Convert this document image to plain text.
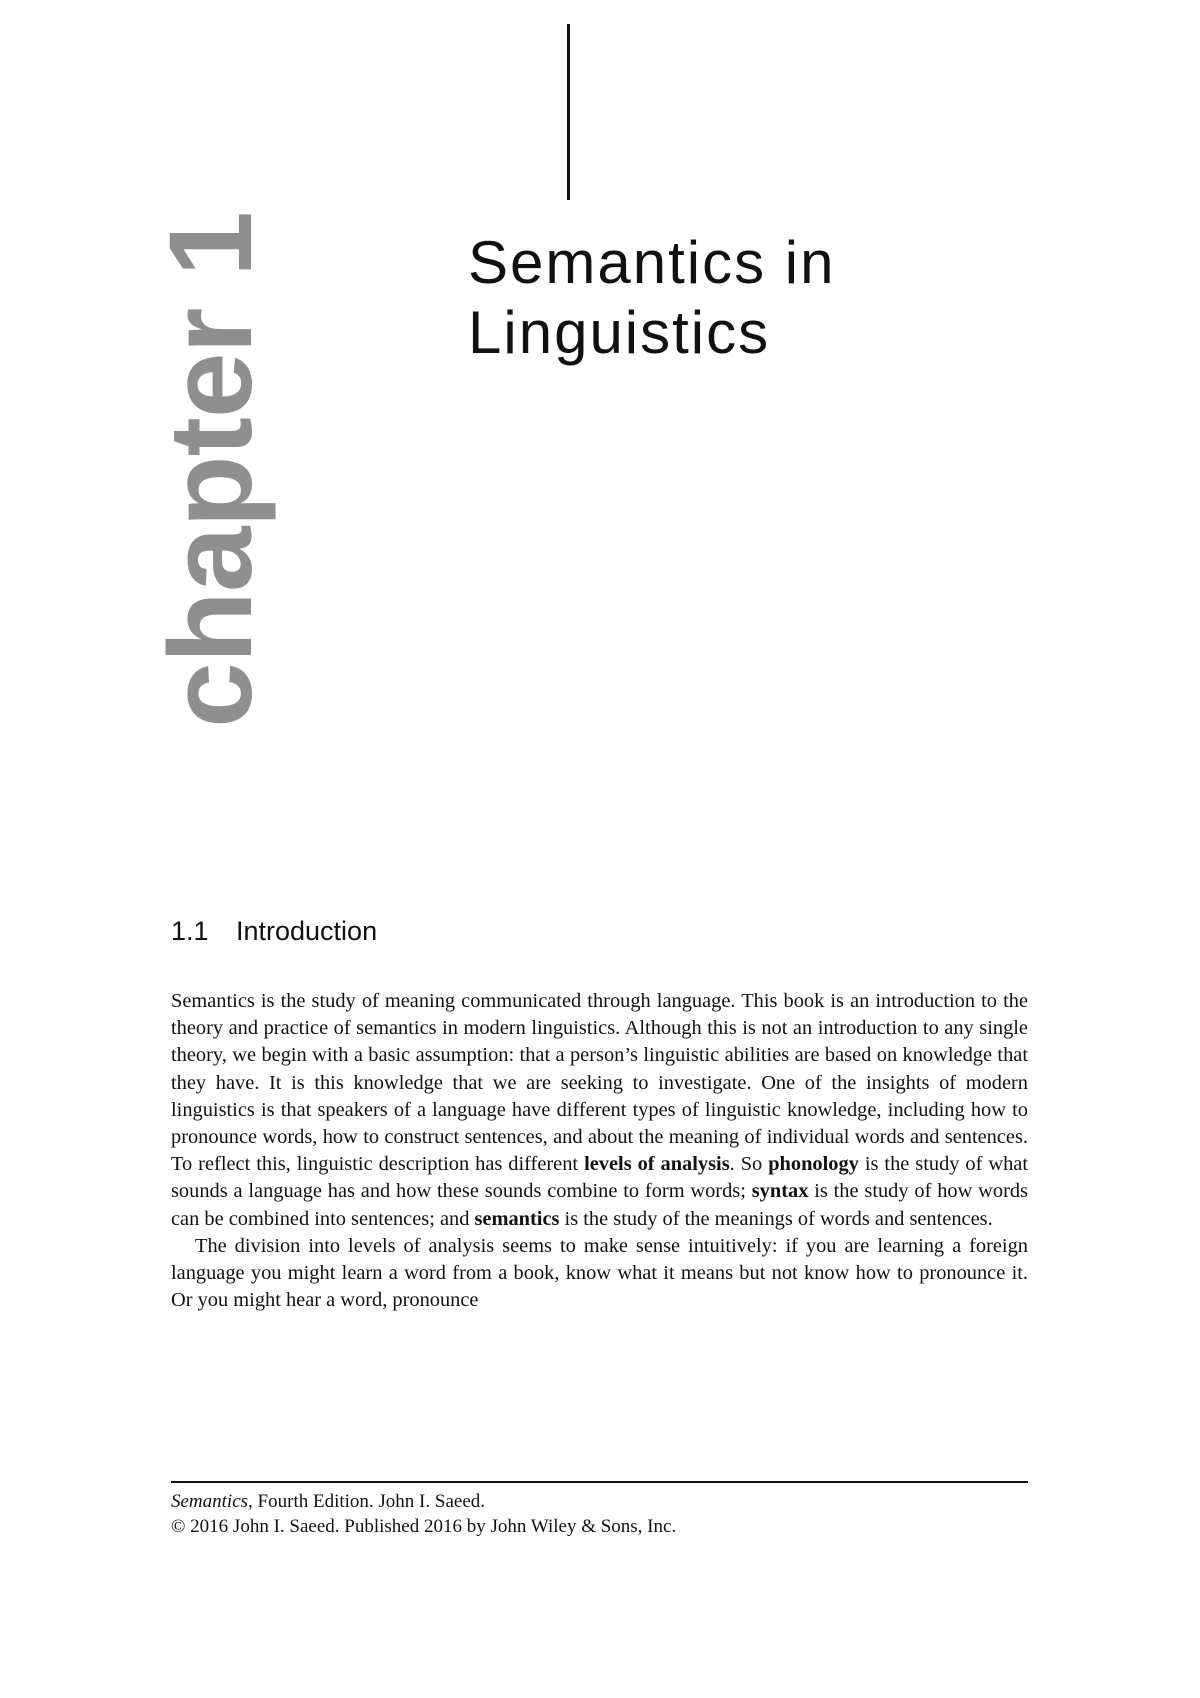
chapter 1	Semantics in
Linguistics
1.1 Introduction

Semantics is the study of meaning communicated through language. This book is an introduction to the theory and practice of semantics in modern linguistics. Although this is not an introduction to any single theory, we begin with a basic assumption: that a person’s linguistic abilities are based on knowledge that they have. It is this knowledge that we are seeking to investigate. One of the insights of modern linguistics is that speakers of a language have different types of linguistic knowledge, including how to pronounce words, how to construct sentences, and about the meaning of individual words and sentences. To reflect this, linguistic description has different levels of analysis. So phonology is the study of what sounds a language has and how these sounds combine to form words; syntax is the study of how words can be combined into sentences; and semantics is the study of the meanings of words and sentences.

The division into levels of analysis seems to make sense intuitively: if you are learning a foreign language you might learn a word from a book, know what it means but not know how to pronounce it. Or you might hear a word, pronounce

Semantics, Fourth Edition. John I. Saeed.
© 2016 John I. Saeed. Published 2016 by John Wiley & Sons, Inc.
